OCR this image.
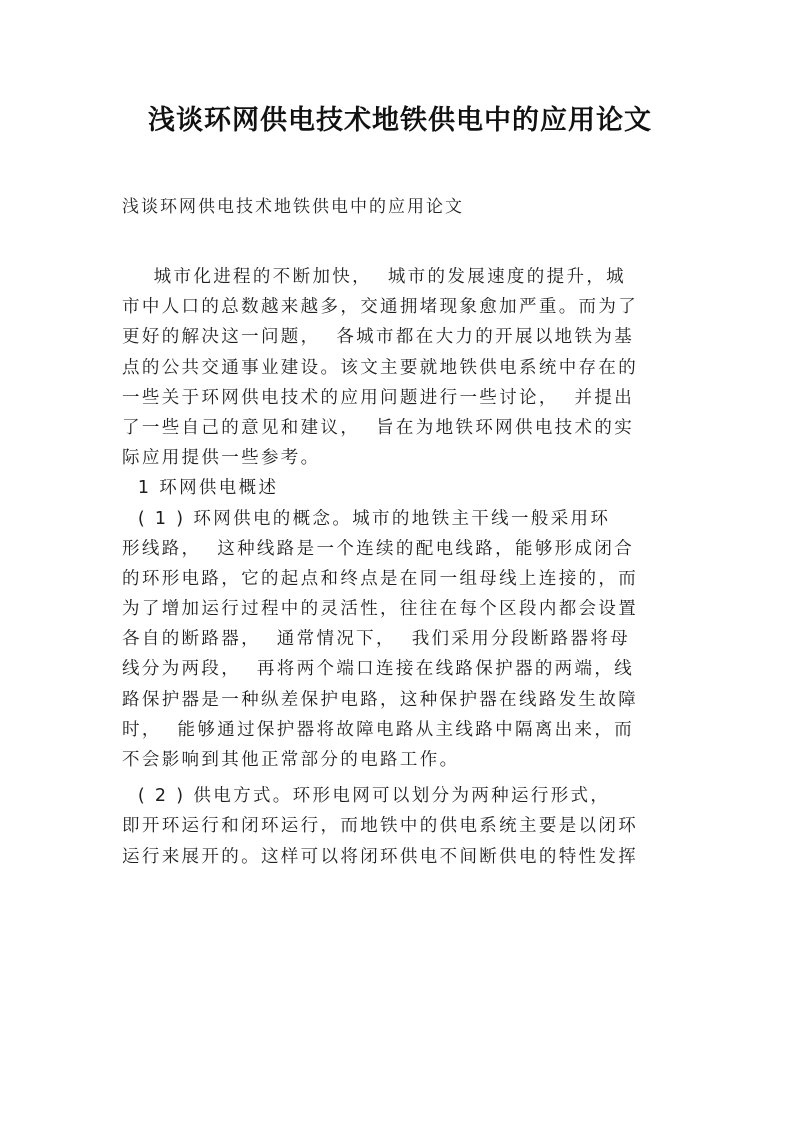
浅谈环网供电技术地铁供电中的应用论文
浅谈环网供电技术地铁供电中的应用论文
城市化进程的不断加快，  城市的发展速度的提升，城
市中人口的总数越来越多，交通拥堵现象愈加严重。而为了
更好的解决这一问题，  各城市都在大力的开展以地铁为基
点的公共交通事业建设。该文主要就地铁供电系统中存在的
一些关于环网供电技术的应用问题进行一些讨论，  并提出
了一些自己的意见和建议，  旨在为地铁环网供电技术的实
际应用提供一些参考。
1 环网供电概述
( 1 ) 环网供电的概念。城市的地铁主干线一般采用环
形线路，  这种线路是一个连续的配电线路，能够形成闭合
的环形电路，它的起点和终点是在同一组母线上连接的，而
为了增加运行过程中的灵活性，往往在每个区段内都会设置
各自的断路器，  通常情况下，  我们采用分段断路器将母
线分为两段，  再将两个端口连接在线路保护器的两端，线
路保护器是一种纵差保护电路，这种保护器在线路发生故障
时，  能够通过保护器将故障电路从主线路中隔离出来，而
不会影响到其他正常部分的电路工作。
( 2 ) 供电方式。环形电网可以划分为两种运行形式，
即开环运行和闭环运行，而地铁中的供电系统主要是以闭环
运行来展开的。这样可以将闭环供电不间断供电的特性发挥
